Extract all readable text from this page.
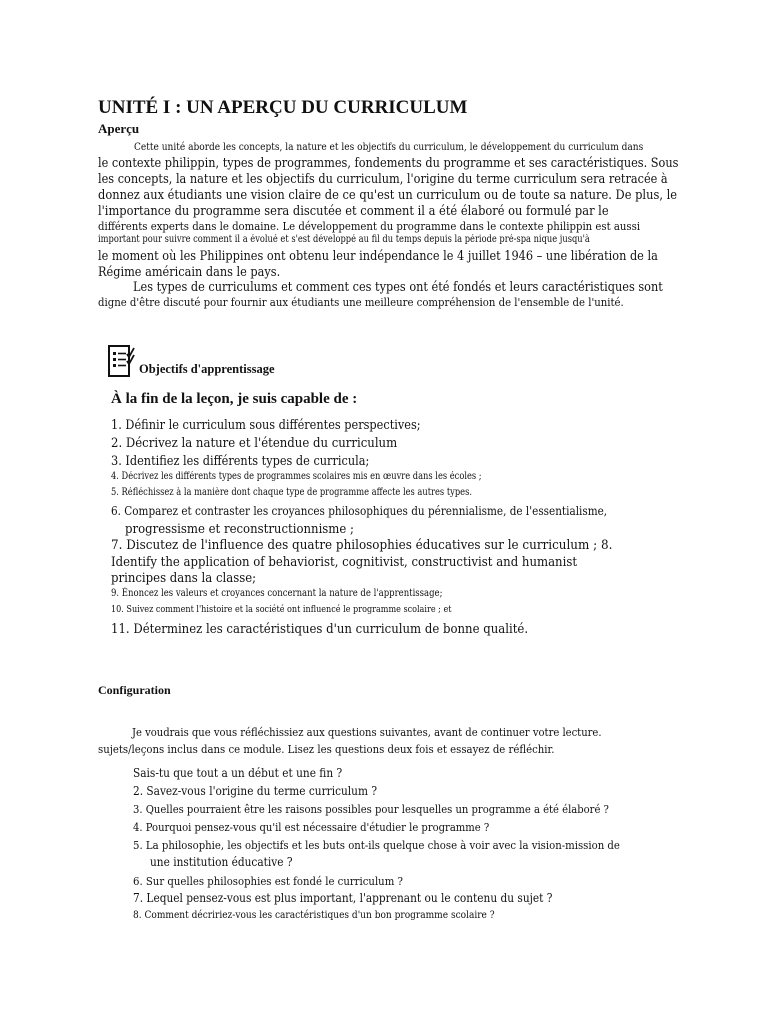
UNITÉ I : UN APERÇU DU CURRICULUM
Aperçu
Cette unité aborde les concepts, la nature et les objectifs du curriculum, le développement du curriculum dans
le contexte philippin, types de programmes, fondements du programme et ses caractéristiques. Sous
les concepts, la nature et les objectifs du curriculum, l'origine du terme curriculum sera retracée à
donnez aux étudiants une vision claire de ce qu'est un curriculum ou de toute sa nature. De plus, le
l'importance du programme sera discutée et comment il a été élaboré ou formulé par le
différents experts dans le domaine. Le développement du programme dans le contexte philippin est aussi
important pour suivre comment il a évolué et s'est développé au fil du temps depuis la période pré-spa nique jusqu'à
le moment où les Philippines ont obtenu leur indépendance le 4 juillet 1946 – une libération de la
Régime américain dans le pays.
Les types de curriculums et comment ces types ont été fondés et leurs caractéristiques sont
digne d'être discuté pour fournir aux étudiants une meilleure compréhension de l'ensemble de l'unité.
Objectifs d'apprentissage
À la fin de la leçon, je suis capable de :
1. Définir le curriculum sous différentes perspectives;
2. Décrivez la nature et l'étendue du curriculum
3. Identifiez les différents types de curricula;
4. Décrivez les différents types de programmes scolaires mis en œuvre dans les écoles ;
5. Réfléchissez à la manière dont chaque type de programme affecte les autres types.
6. Comparez et contraster les croyances philosophiques du pérennialisme, de l'essentialisme,
progressisme et reconstructionnisme ;
7. Discutez de l'influence des quatre philosophies éducatives sur le curriculum ; 8.
Identify the application of behaviorist, cognitivist, constructivist and humanist
principes dans la classe;
9. Énoncez les valeurs et croyances concernant la nature de l'apprentissage;
10. Suivez comment l'histoire et la société ont influencé le programme scolaire ; et
11. Déterminez les caractéristiques d'un curriculum de bonne qualité.
Configuration
Je voudrais que vous réfléchissiez aux questions suivantes, avant de continuer votre lecture.
sujets/leçons inclus dans ce module. Lisez les questions deux fois et essayez de réfléchir.
Sais-tu que tout a un début et une fin ?
2. Savez-vous l'origine du terme curriculum ?
3. Quelles pourraient être les raisons possibles pour lesquelles un programme a été élaboré ?
4. Pourquoi pensez-vous qu'il est nécessaire d'étudier le programme ?
5. La philosophie, les objectifs et les buts ont-ils quelque chose à voir avec la vision-mission de
une institution éducative ?
6. Sur quelles philosophies est fondé le curriculum ?
7. Lequel pensez-vous est plus important, l'apprenant ou le contenu du sujet ?
8. Comment décririez-vous les caractéristiques d'un bon programme scolaire ?
